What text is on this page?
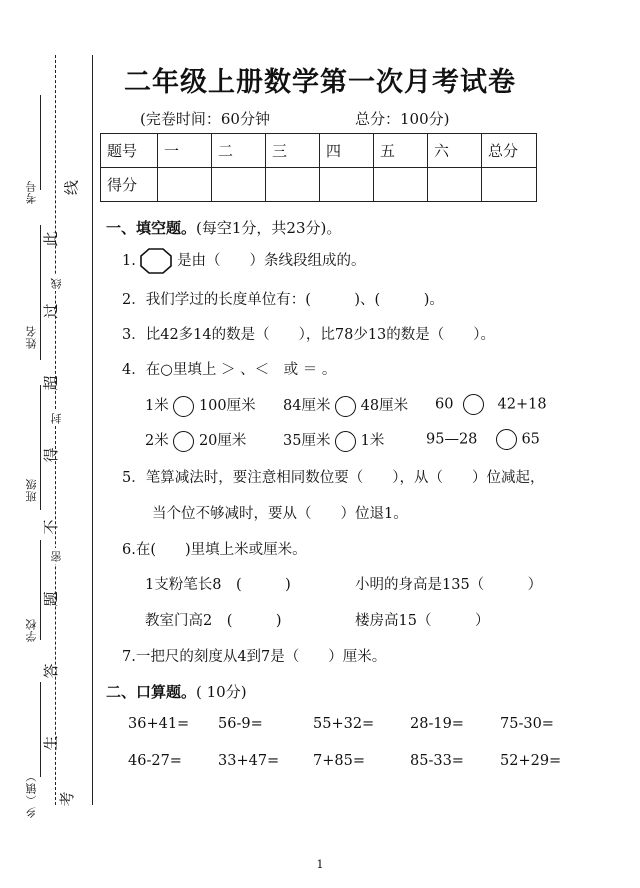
考号
姓名
班级
学校
乡（镇）
线
封
密
线
此
过
超
得
不
题
答
生
考
二年级上册数学第一次月考试卷
(完卷时间：60分钟	总分：100分)
题号	一	二	三	四	五	六	总分
得分							
一、填空题。(每空1分，共23分)。
1.	是由（　　）条线段组成的。
2．我们学过的长度单位有：(　　　)、(　　　)。
3．比42多14的数是（　　），比78少13的数是（　　）。
4．在○里填上 ＞ 、＜　或 ＝ 。
1米 100厘米 84厘米 48厘米 60	42+18
2米 20厘米	35厘米 1米	95—28	65
5．笔算减法时，要注意相同数位要（　　），从（　　）位减起，
当个位不够减时，要从（　　）位退1。
6.在(　　)里填上米或厘米。
1支粉笔长8　(　　　)	小明的身高是135（　　　）
教室门高2　(　　　)	楼房高15（　　　）
7.一把尺的刻度从4到7是（　　）厘米。
二、口算题。( 10分)
36+41= 56-9=	55+32= 28-19= 75-30=
46-27= 33+47= 7+85=	85-33= 52+29=
1
